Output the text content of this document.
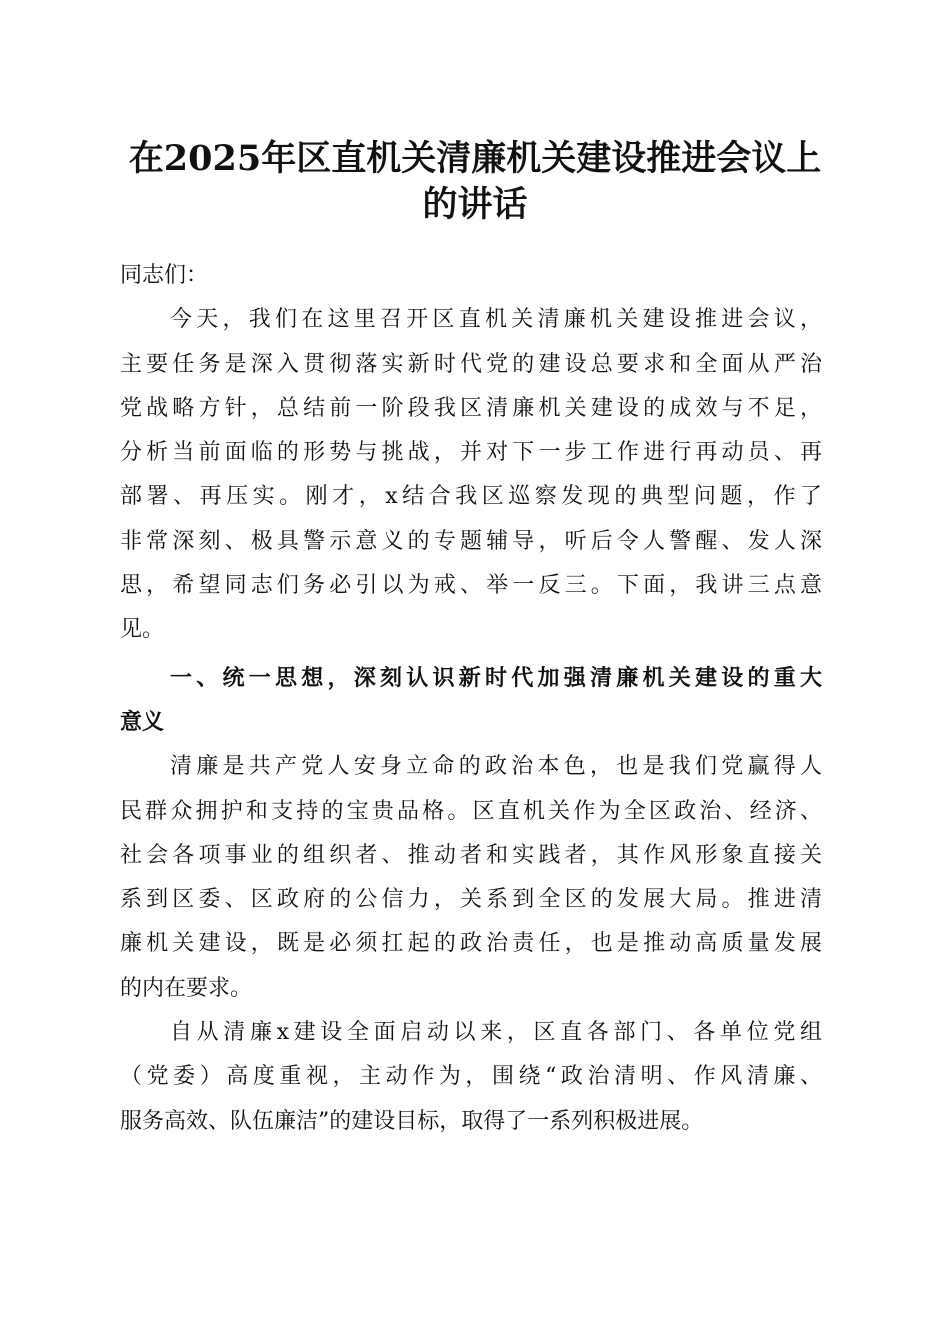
在2025年区直机关清廉机关建设推进会议上
的讲话
同志们：
今天，我们在这里召开区直机关清廉机关建设推进会议，
主要任务是深入贯彻落实新时代党的建设总要求和全面从严治
党战略方针，总结前一阶段我区清廉机关建设的成效与不足，
分析当前面临的形势与挑战，并对下一步工作进行再动员、再
部署、再压实。刚才，x结合我区巡察发现的典型问题，作了
非常深刻、极具警示意义的专题辅导，听后令人警醒、发人深
思，希望同志们务必引以为戒、举一反三。下面，我讲三点意
见。
一、统一思想，深刻认识新时代加强清廉机关建设的重大
意义
清廉是共产党人安身立命的政治本色，也是我们党赢得人
民群众拥护和支持的宝贵品格。区直机关作为全区政治、经济、
社会各项事业的组织者、推动者和实践者，其作风形象直接关
系到区委、区政府的公信力，关系到全区的发展大局。推进清
廉机关建设，既是必须扛起的政治责任，也是推动高质量发展
的内在要求。
自从清廉x建设全面启动以来，区直各部门、各单位党组
（党委）高度重视，主动作为，围绕“政治清明、作风清廉、
服务高效、队伍廉洁”的建设目标，取得了一系列积极进展。
